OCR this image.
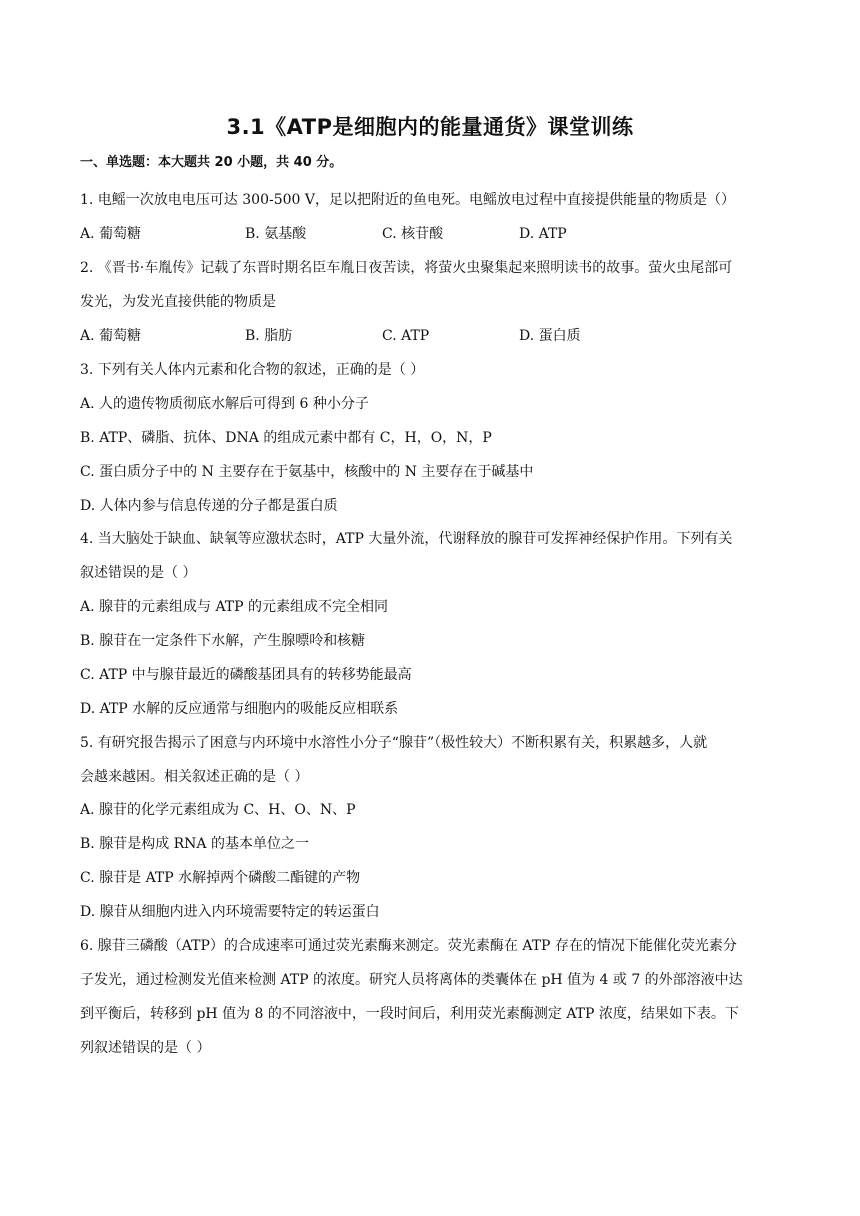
3.1《ATP是细胞内的能量通货》课堂训练
一、单选题：本大题共 20 小题，共 40 分。
1. 电鳐一次放电电压可达 300-500 V，足以把附近的鱼电死。电鳐放电过程中直接提供能量的物质是（）
A. 葡萄糖	B. 氨基酸	C. 核苷酸	D. ATP
2. 《晋书·车胤传》记载了东晋时期名臣车胤日夜苦读，将萤火虫聚集起来照明读书的故事。萤火虫尾部可
发光，为发光直接供能的物质是
A. 葡萄糖	B. 脂肪	C. ATP	D. 蛋白质
3. 下列有关人体内元素和化合物的叙述，正确的是（ ）
A. 人的遗传物质彻底水解后可得到 6 种小分子
B. ATP、磷脂、抗体、DNA 的组成元素中都有 C，H，O，N，P
C. 蛋白质分子中的 N 主要存在于氨基中，核酸中的 N 主要存在于碱基中
D. 人体内参与信息传递的分子都是蛋白质
4. 当大脑处于缺血、缺氧等应激状态时，ATP 大量外流，代谢释放的腺苷可发挥神经保护作用。下列有关
叙述错误的是（ ）
A. 腺苷的元素组成与 ATP 的元素组成不完全相同
B. 腺苷在一定条件下水解，产生腺嘌呤和核糖
C. ATP 中与腺苷最近的磷酸基团具有的转移势能最高
D. ATP 水解的反应通常与细胞内的吸能反应相联系
5. 有研究报告揭示了困意与内环境中水溶性小分子“腺苷”（极性较大）不断积累有关，积累越多，人就
会越来越困。相关叙述正确的是（ ）
A. 腺苷的化学元素组成为 C、H、O、N、P
B. 腺苷是构成 RNA 的基本单位之一
C. 腺苷是 ATP 水解掉两个磷酸二酯键的产物
D. 腺苷从细胞内进入内环境需要特定的转运蛋白
6. 腺苷三磷酸（ATP）的合成速率可通过荧光素酶来测定。荧光素酶在 ATP 存在的情况下能催化荧光素分
子发光，通过检测发光值来检测 ATP 的浓度。研究人员将离体的类囊体在 pH 值为 4 或 7 的外部溶液中达
到平衡后，转移到 pH 值为 8 的不同溶液中，一段时间后，利用荧光素酶测定 ATP 浓度，结果如下表。下
列叙述错误的是（ ）
